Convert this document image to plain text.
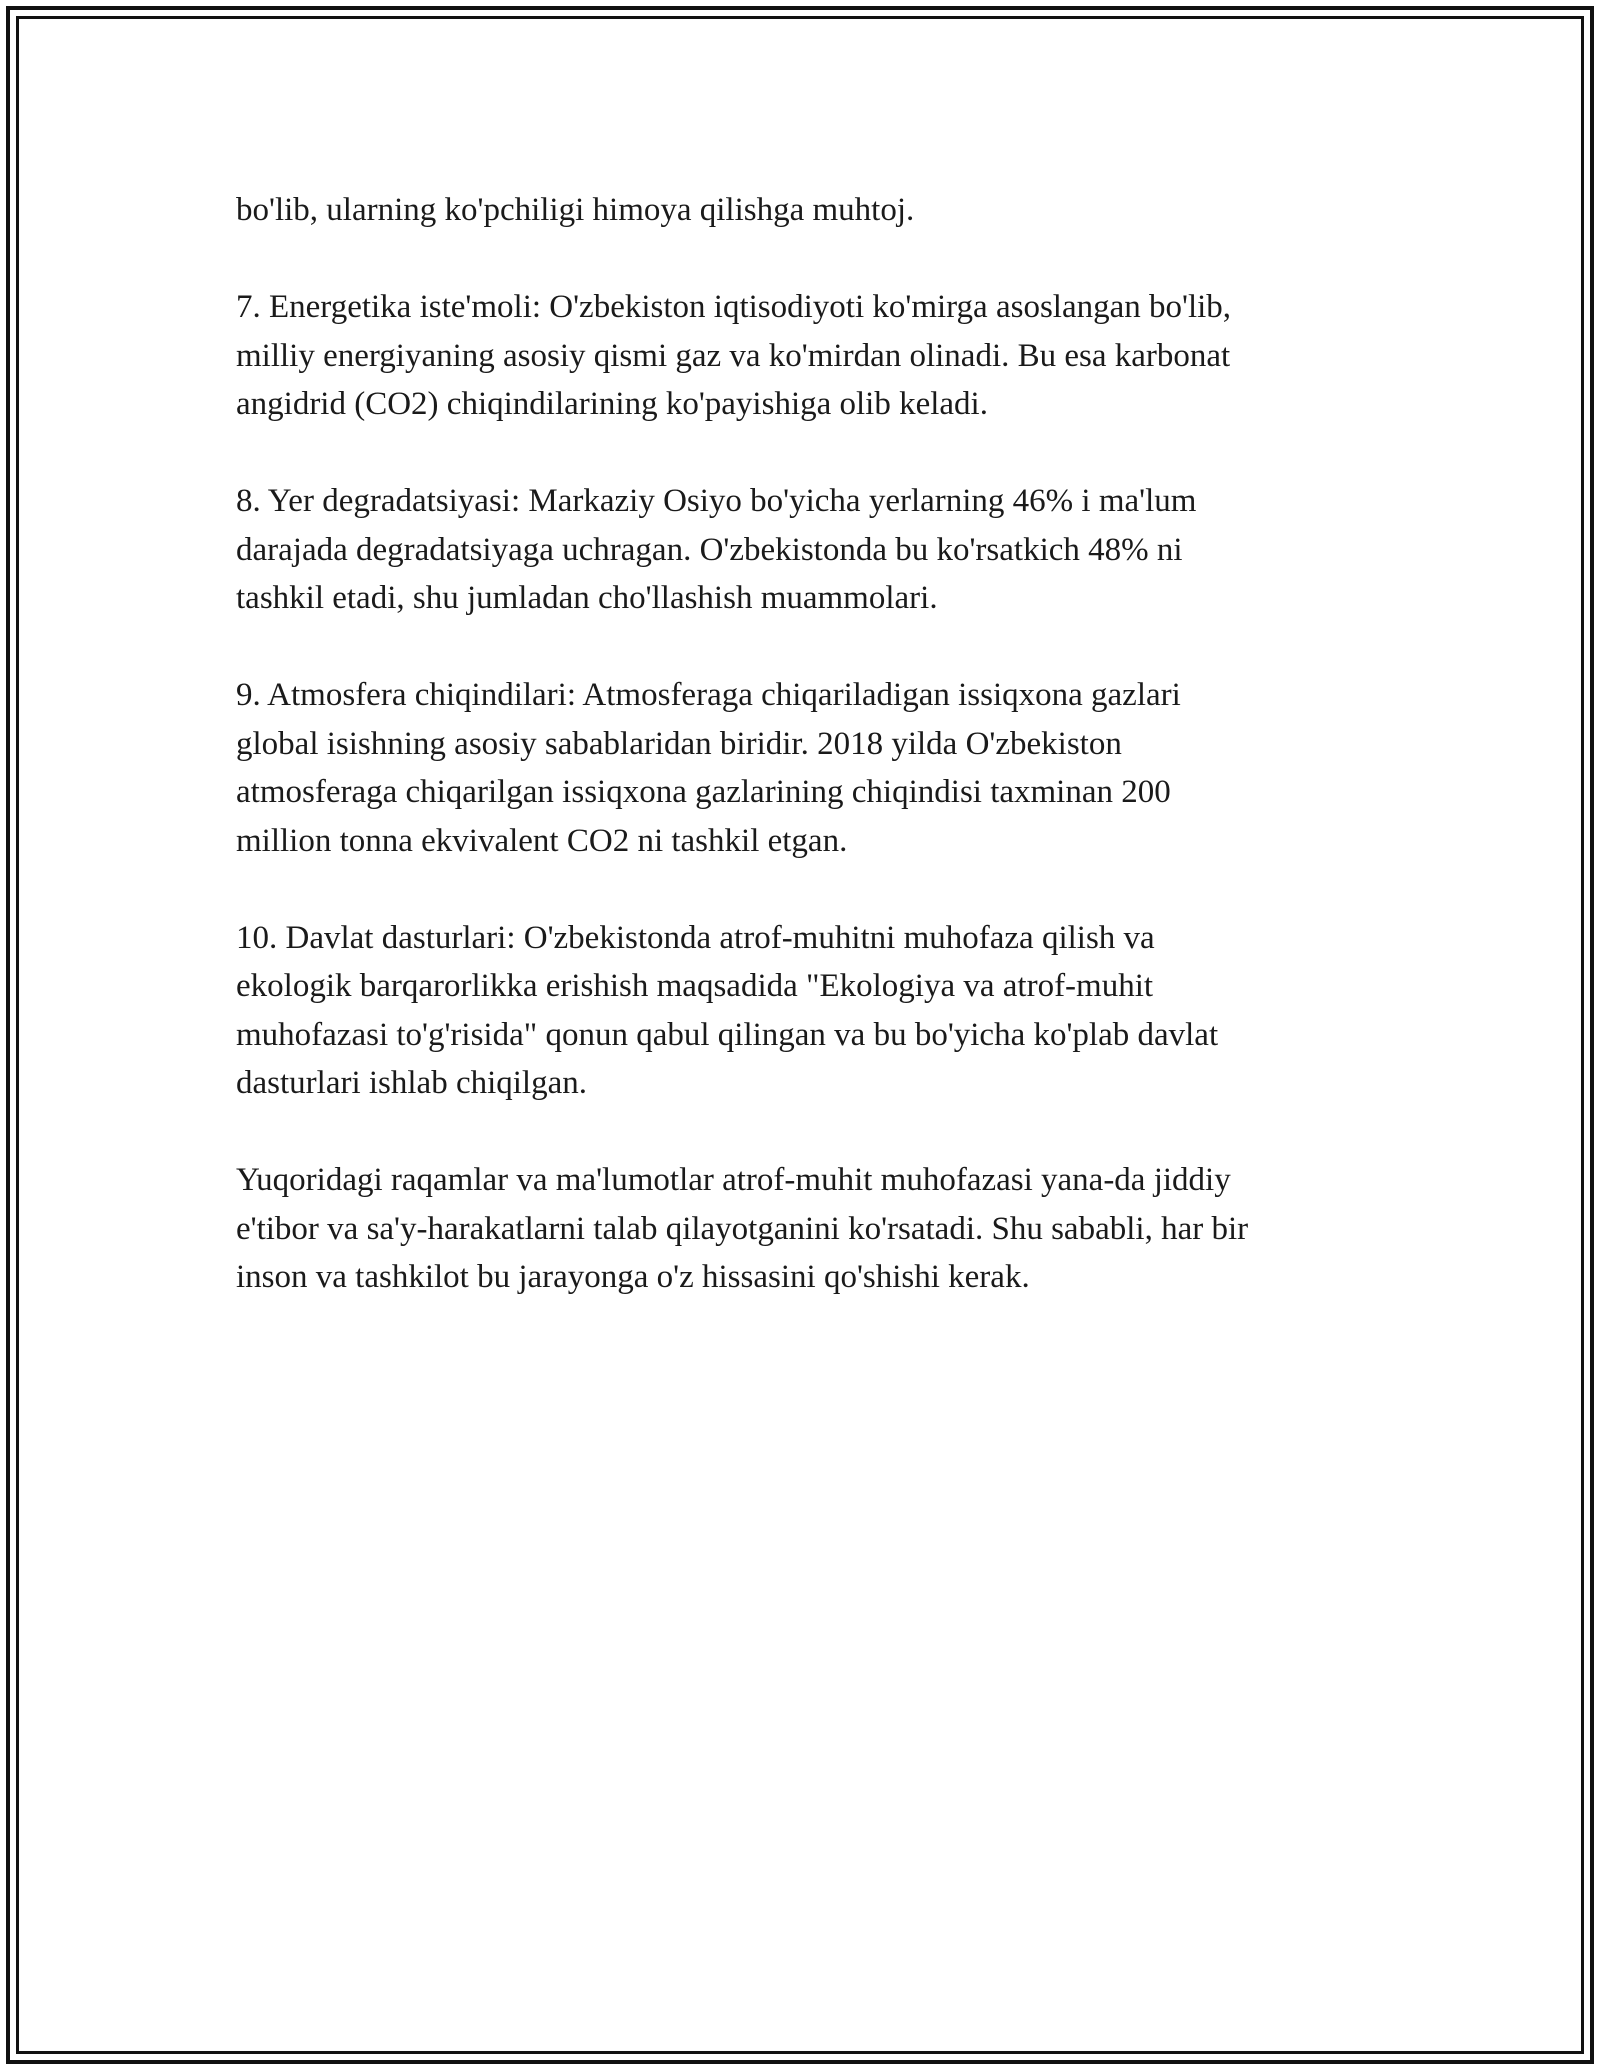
bo'lib, ularning ko'pchiligi himoya qilishga muhtoj.

7. Energetika iste'moli: O'zbekiston iqtisodiyoti ko'mirga asoslangan bo'lib,
milliy energiyaning asosiy qismi gaz va ko'mirdan olinadi. Bu esa karbonat
angidrid (CO2) chiqindilarining ko'payishiga olib keladi.

8. Yer degradatsiyasi: Markaziy Osiyo bo'yicha yerlarning 46% i ma'lum
darajada degradatsiyaga uchragan. O'zbekistonda bu ko'rsatkich 48% ni
tashkil etadi, shu jumladan cho'llashish muammolari.

9. Atmosfera chiqindilari: Atmosferaga chiqariladigan issiqxona gazlari
global isishning asosiy sabablaridan biridir. 2018 yilda O'zbekiston
atmosferaga chiqarilgan issiqxona gazlarining chiqindisi taxminan 200
million tonna ekvivalent CO2 ni tashkil etgan.

10. Davlat dasturlari: O'zbekistonda atrof-muhitni muhofaza qilish va
ekologik barqarorlikka erishish maqsadida "Ekologiya va atrof-muhit
muhofazasi to'g'risida" qonun qabul qilingan va bu bo'yicha ko'plab davlat
dasturlari ishlab chiqilgan.

Yuqoridagi raqamlar va ma'lumotlar atrof-muhit muhofazasi yana-da jiddiy
e'tibor va sa'y-harakatlarni talab qilayotganini ko'rsatadi. Shu sababli, har bir
inson va tashkilot bu jarayonga o'z hissasini qo'shishi kerak.
